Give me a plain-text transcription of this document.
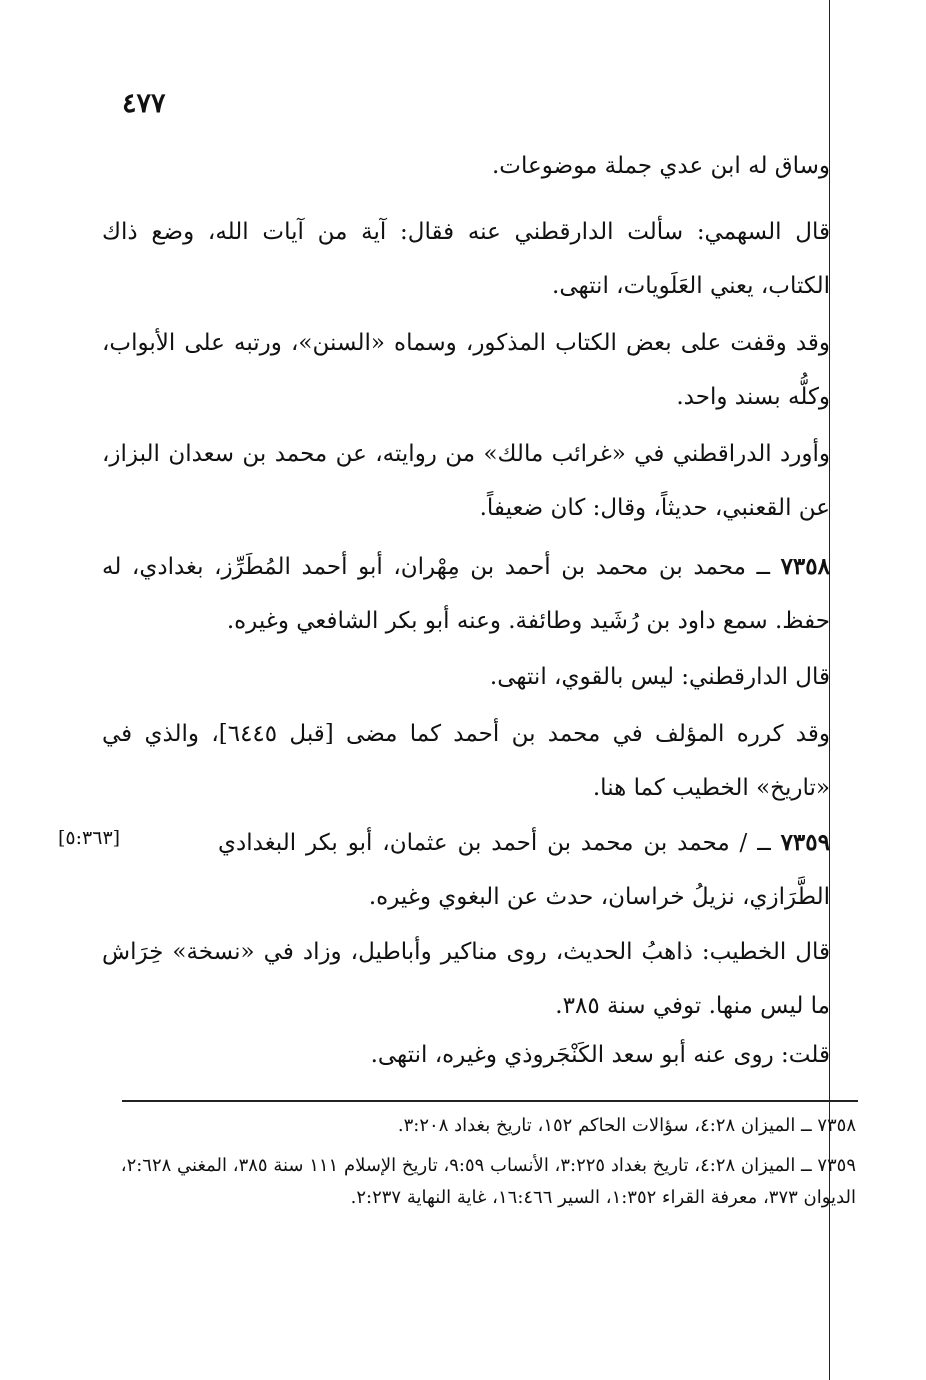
٤٧٧

وساق له ابن عدي جملة موضوعات.

قال السهمي: سألت الدارقطني عنه فقال: آية من آيات الله، وضع ذاك الكتاب، يعني العَلَويات، انتهى.

وقد وقفت على بعض الكتاب المذكور، وسماه «السنن»، ورتبه على الأبواب، وكلُّه بسند واحد.

وأورد الدراقطني في «غرائب مالك» من روايته، عن محمد بن سعدان البزاز، عن القعنبي، حديثاً، وقال: كان ضعيفاً.

٧٣٥٨ ــ محمد بن محمد بن أحمد بن مِهْران، أبو أحمد المُطَرِّز، بغدادي، له حفظ. سمع داود بن رُشَيد وطائفة. وعنه أبو بكر الشافعي وغيره.

قال الدارقطني: ليس بالقوي، انتهى.

وقد كرره المؤلف في محمد بن أحمد كما مضى [قبل ٦٤٤٥]، والذي في «تاريخ» الخطيب كما هنا.

٧٣٥٩ ــ / محمد بن محمد بن أحمد بن عثمان، أبو بكر البغدادي الطَّرَازي، نزيلُ خراسان، حدث عن البغوي وغيره.

[٥:٣٦٣]

قال الخطيب: ذاهبُ الحديث، روى مناكير وأباطيل، وزاد في «نسخة» خِرَاش ما ليس منها. توفي سنة ٣٨٥.

قلت: روى عنه أبو سعد الكَنْجَروذي وغيره، انتهى.

٧٣٥٨ ــ الميزان ٤:٢٨، سؤالات الحاكم ١٥٢، تاريخ بغداد ٣:٢٠٨.

٧٣٥٩ ــ الميزان ٤:٢٨، تاريخ بغداد ٣:٢٢٥، الأنساب ٩:٥٩، تاريخ الإسلام ١١١ سنة ٣٨٥، المغني ٢:٦٢٨، الديوان ٣٧٣، معرفة القراء ١:٣٥٢، السير ١٦:٤٦٦، غاية النهاية ٢:٢٣٧.
